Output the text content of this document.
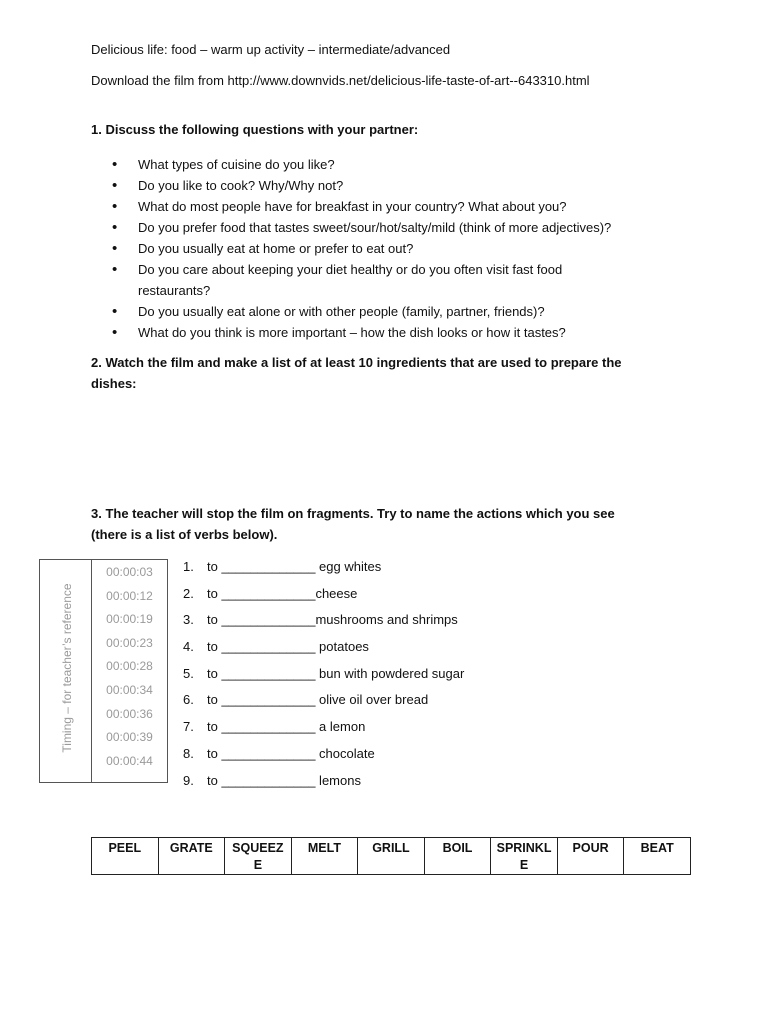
Delicious life: food – warm up activity – intermediate/advanced
Download the film from http://www.downvids.net/delicious-life-taste-of-art--643310.html
1. Discuss the following questions with your partner:
• What types of cuisine do you like?
• Do you like to cook? Why/Why not?
• What do most people have for breakfast in your country? What about you?
• Do you prefer food that tastes sweet/sour/hot/salty/mild (think of more adjectives)?
• Do you usually eat at home or prefer to eat out?
• Do you care about keeping your diet healthy or do you often visit fast food restaurants?
• Do you usually eat alone or with other people (family, partner, friends)?
• What do you think is more important – how the dish looks or how it tastes?
2. Watch the film and make a list of at least 10 ingredients that are used to prepare the
dishes:
3. The teacher will stop the film on fragments. Try to name the actions which you see
(there is a list of verbs below).
Timing – for teacher’s reference
00:00:03
00:00:12
00:00:19
00:00:23
00:00:28
00:00:34
00:00:36
00:00:39
00:00:44
1. to _____________ egg whites
2. to _____________cheese
3. to _____________mushrooms and shrimps
4. to _____________ potatoes
5. to _____________ bun with powdered sugar
6. to _____________ olive oil over bread
7. to _____________ a lemon
8. to _____________ chocolate
9. to _____________ lemons
PEEL	GRATE	SQUEEZE	MELT	GRILL	BOIL	SPRINKLE	POUR	BEAT
